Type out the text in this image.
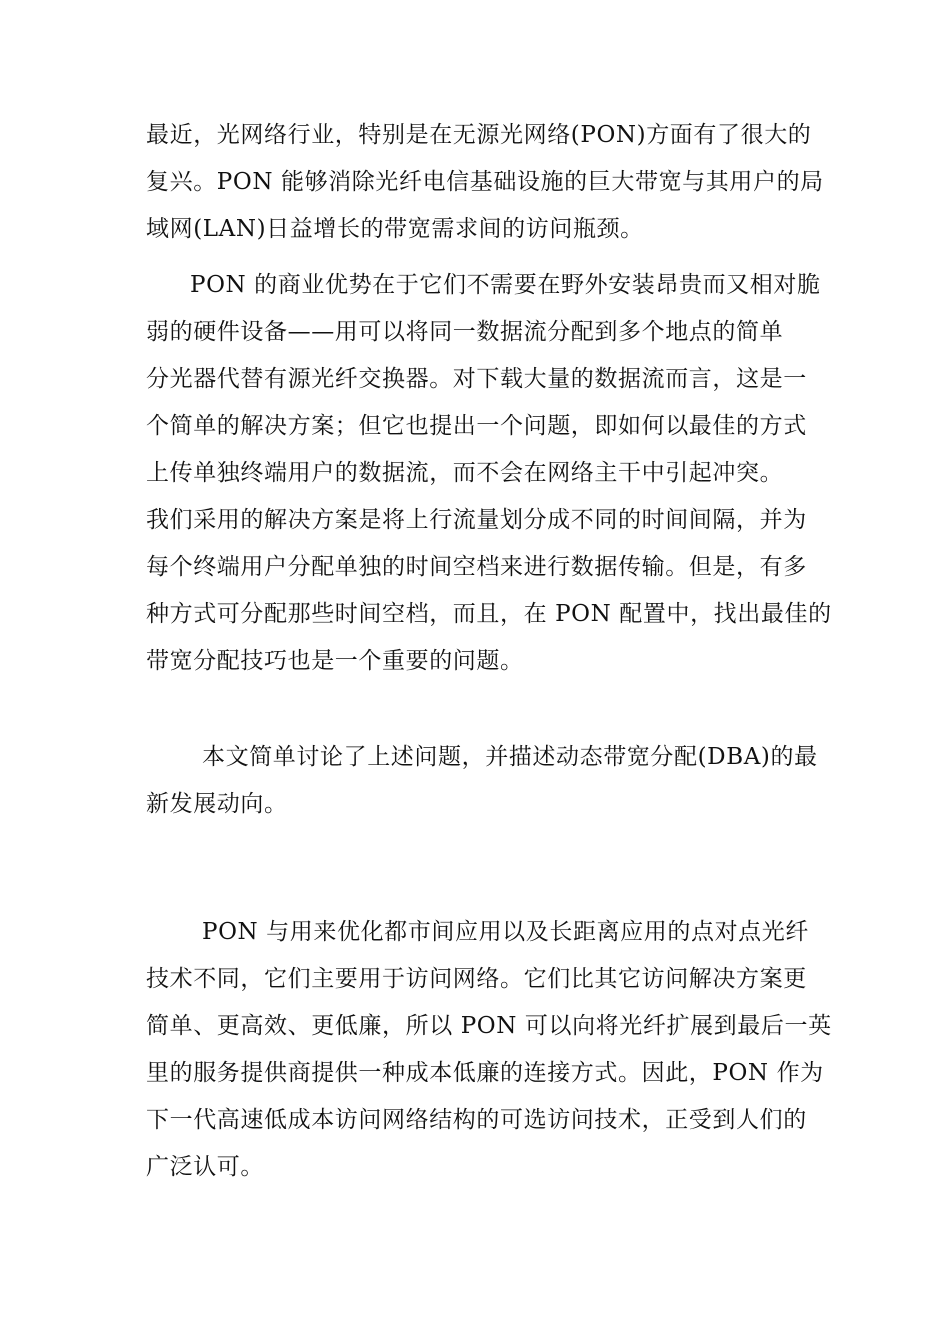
最近，光网络行业，特别是在无源光网络(PON)方面有了很大的
复兴。PON 能够消除光纤电信基础设施的巨大带宽与其用户的局
域网(LAN)日益增长的带宽需求间的访问瓶颈。
PON 的商业优势在于它们不需要在野外安装昂贵而又相对脆
弱的硬件设备——用可以将同一数据流分配到多个地点的简单
分光器代替有源光纤交换器。对下载大量的数据流而言，这是一
个简单的解决方案；但它也提出一个问题，即如何以最佳的方式
上传单独终端用户的数据流，而不会在网络主干中引起冲突。
我们采用的解决方案是将上行流量划分成不同的时间间隔，并为
每个终端用户分配单独的时间空档来进行数据传输。但是，有多
种方式可分配那些时间空档，而且，在 PON 配置中，找出最佳的
带宽分配技巧也是一个重要的问题。
本文简单讨论了上述问题，并描述动态带宽分配(DBA)的最
新发展动向。
PON 与用来优化都市间应用以及长距离应用的点对点光纤
技术不同，它们主要用于访问网络。它们比其它访问解决方案更
简单、更高效、更低廉，所以 PON 可以向将光纤扩展到最后一英
里的服务提供商提供一种成本低廉的连接方式。因此，PON 作为
下一代高速低成本访问网络结构的可选访问技术，正受到人们的
广泛认可。
